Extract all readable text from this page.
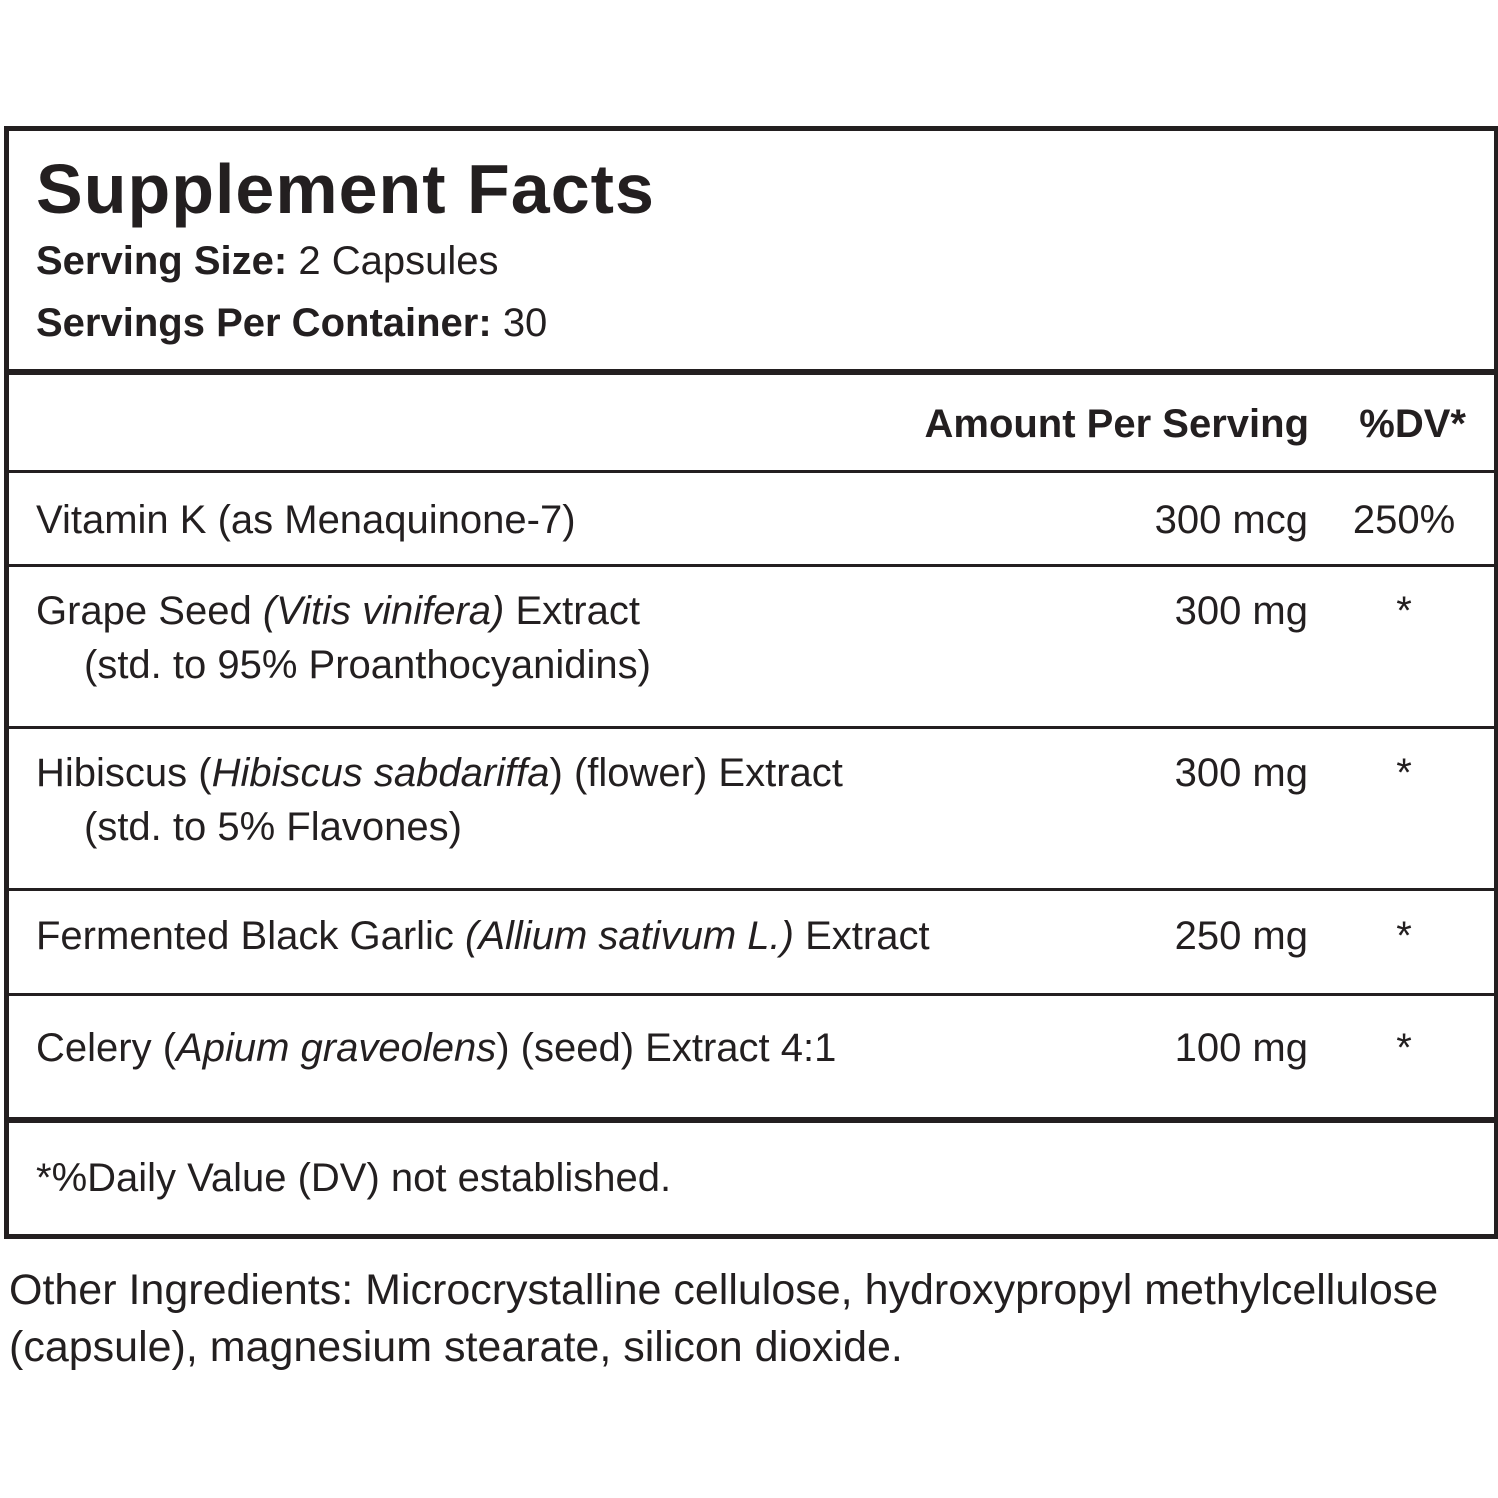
Supplement Facts
Serving Size: 2 Capsules
Servings Per Container: 30
Amount Per Serving %DV*
Vitamin K (as Menaquinone-7)	300 mcg 250%
Grape Seed (Vitis vinifera) Extract
(std. to 95% Proanthocyanidins)
300 mg	*
Hibiscus (Hibiscus sabdariffa) (flower) Extract
(std. to 5% Flavones)
300 mg	*
Fermented Black Garlic (Allium sativum L.) Extract	250 mg	*
Celery (Apium graveolens) (seed) Extract 4:1	100 mg	*
*%Daily Value (DV) not established.
Other Ingredients: Microcrystalline cellulose, hydroxypropyl methylcellulose (capsule), magnesium stearate, silicon dioxide.
